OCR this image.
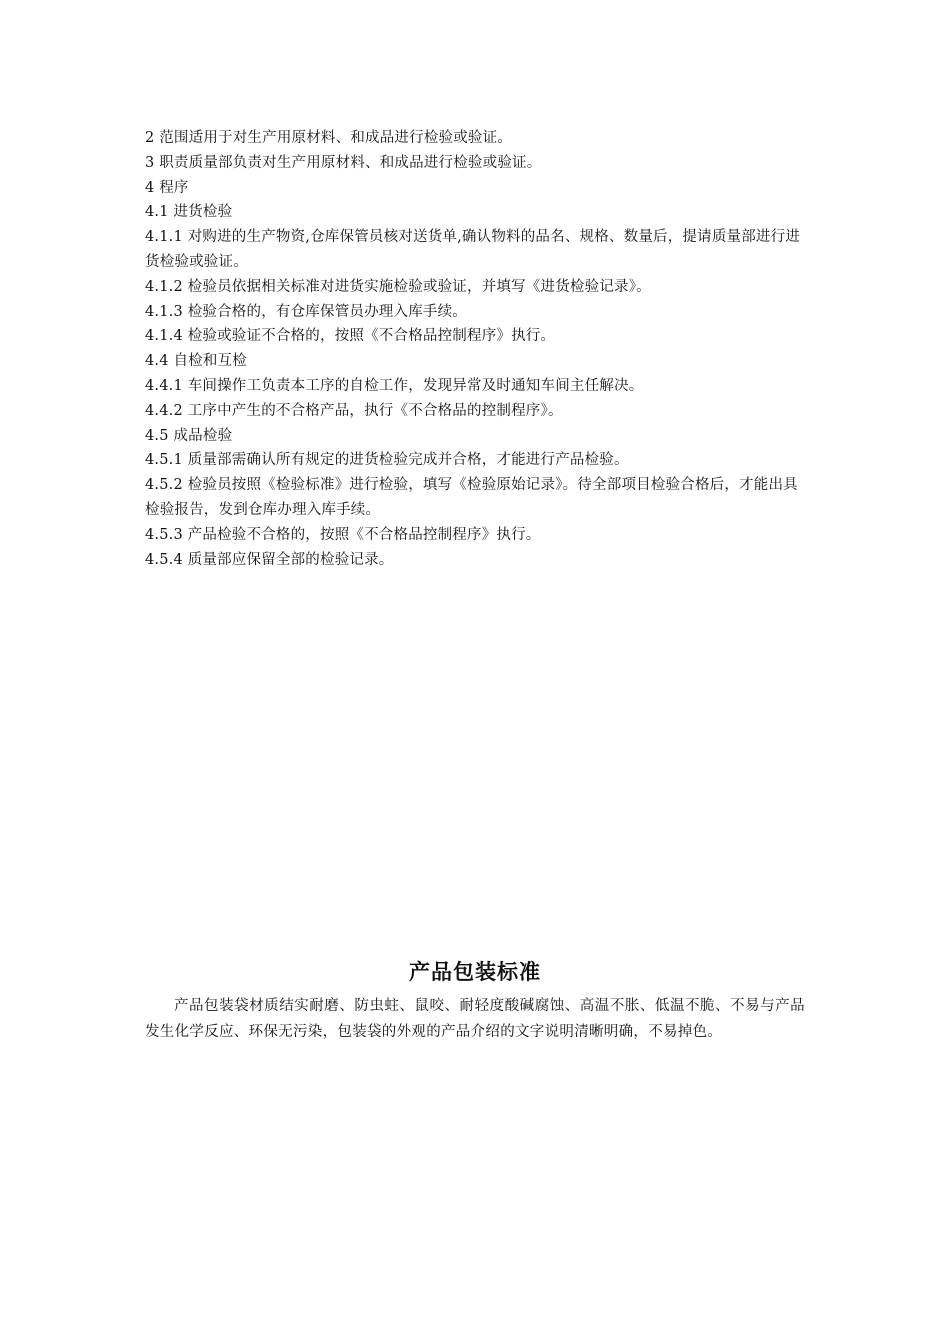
2 范围适用于对生产用原材料、和成品进行检验或验证。
3 职责质量部负责对生产用原材料、和成品进行检验或验证。
4 程序
4.1 进货检验
4.1.1 对购进的生产物资,仓库保管员核对送货单,确认物料的品名、规格、数量后，提请质量部进行进货检验或验证。
4.1.2 检验员依据相关标准对进货实施检验或验证，并填写《进货检验记录》。
4.1.3 检验合格的，有仓库保管员办理入库手续。
4.1.4 检验或验证不合格的，按照《不合格品控制程序》执行。
4.4 自检和互检
4.4.1 车间操作工负责本工序的自检工作，发现异常及时通知车间主任解决。
4.4.2 工序中产生的不合格产品，执行《不合格品的控制程序》。
4.5 成品检验
4.5.1 质量部需确认所有规定的进货检验完成并合格，才能进行产品检验。
4.5.2 检验员按照《检验标准》进行检验，填写《检验原始记录》。待全部项目检验合格后，才能出具检验报告，发到仓库办理入库手续。
4.5.3 产品检验不合格的，按照《不合格品控制程序》执行。
4.5.4 质量部应保留全部的检验记录。
产品包装标准

产品包装袋材质结实耐磨、防虫蛀、鼠咬、耐轻度酸碱腐蚀、高温不胀、低温不脆、不易与产品发生化学反应、环保无污染，包装袋的外观的产品介绍的文字说明清晰明确，不易掉色。
